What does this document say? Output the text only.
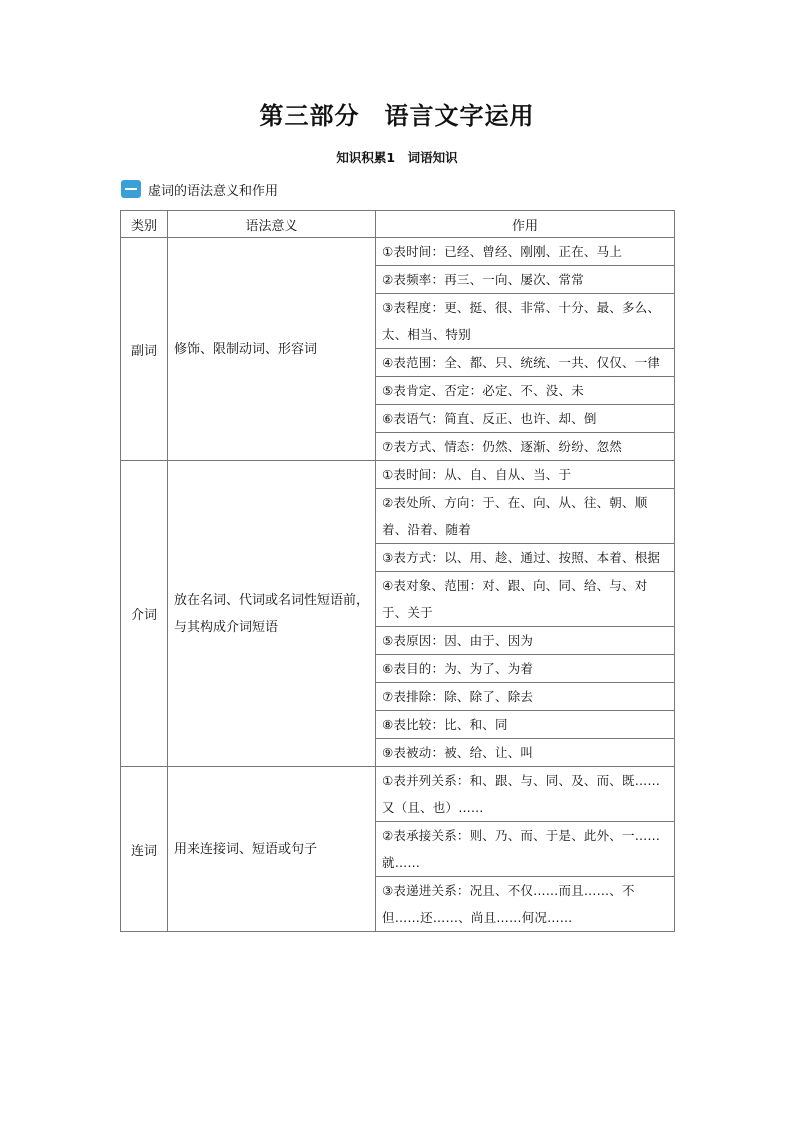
第三部分　语言文字运用
知识积累1　词语知识
虚词的语法意义和作用
类别	语法意义	作用
副词	修饰、限制动词、形容词	①表时间：已经、曾经、刚刚、正在、马上
		②表频率：再三、一向、屡次、常常
		③表程度：更、挺、很、非常、十分、最、多么、太、相当、特别
		④表范围：全、都、只、统统、一共、仅仅、一律
		⑤表肯定、否定：必定、不、没、未
		⑥表语气：简直、反正、也许、却、倒
		⑦表方式、情态：仍然、逐渐、纷纷、忽然
介词	放在名词、代词或名词性短语前，与其构成介词短语	①表时间：从、自、自从、当、于
		②表处所、方向：于、在、向、从、往、朝、顺着、沿着、随着
		③表方式：以、用、趁、通过、按照、本着、根据
		④表对象、范围：对、跟、向、同、给、与、对于、关于
		⑤表原因：因、由于、因为
		⑥表目的：为、为了、为着
		⑦表排除：除、除了、除去
		⑧表比较：比、和、同
		⑨表被动：被、给、让、叫
连词	用来连接词、短语或句子	①表并列关系：和、跟、与、同、及、而、既……又（且、也）……
		②表承接关系：则、乃、而、于是、此外、一……就……
		③表递进关系：况且、不仅……而且……、不但……还……、尚且……何况……
